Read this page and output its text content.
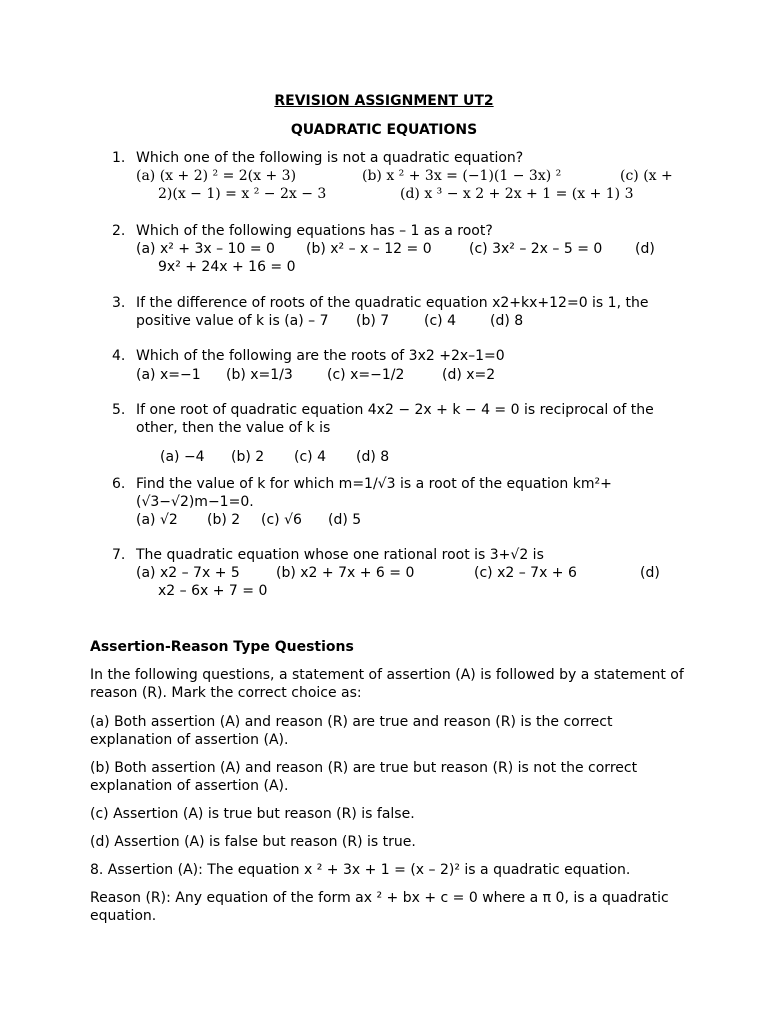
REVISION ASSIGNMENT UT2
QUADRATIC EQUATIONS
1. Which one of the following is not a quadratic equation?
(a) (x + 2) ² = 2(x + 3)	(b) x ² + 3x = (−1)(1 − 3x) ²	(c) (x +
2)(x − 1) = x ² − 2x − 3	(d) x ³ − x 2 + 2x + 1 = (x + 1) 3
2. Which of the following equations has – 1 as a root?
(a) x² + 3x – 10 = 0 (b) x² – x – 12 = 0	(c) 3x² – 2x – 5 = 0 (d)
9x² + 24x + 16 = 0
3. If the difference of roots of the quadratic equation x2+kx+12=0 is 1, the
positive value of k is (a) – 7 (b) 7 (c) 4 (d) 8
4. Which of the following are the roots of 3x2 +2x–1=0
(a) x=−1 (b) x=1/3 (c) x=−1/2	(d) x=2
5. If one root of quadratic equation 4x2 − 2x + k − 4 = 0 is reciprocal of the
other, then the value of k is
(a) −4 (b) 2 (c) 4 (d) 8
6. Find the value of k for which m=1/√3 is a root of the equation km²+
(√3−√2)m−1=0.
(a) √2 (b) 2 (c) √6 (d) 5
7. The quadratic equation whose one rational root is 3+√2 is
(a) x2 – 7x + 5	(b) x2 + 7x + 6 = 0	(c) x2 – 7x + 6	(d)
x2 – 6x + 7 = 0
Assertion-Reason Type Questions
In the following questions, a statement of assertion (A) is followed by a statement of
reason (R). Mark the correct choice as:
(a) Both assertion (A) and reason (R) are true and reason (R) is the correct
explanation of assertion (A).
(b) Both assertion (A) and reason (R) are true but reason (R) is not the correct
explanation of assertion (A).
(c) Assertion (A) is true but reason (R) is false.
(d) Assertion (A) is false but reason (R) is true.
8. Assertion (A): The equation x ² + 3x + 1 = (x – 2)² is a quadratic equation.
Reason (R): Any equation of the form ax ² + bx + c = 0 where a π 0, is a quadratic
equation.
